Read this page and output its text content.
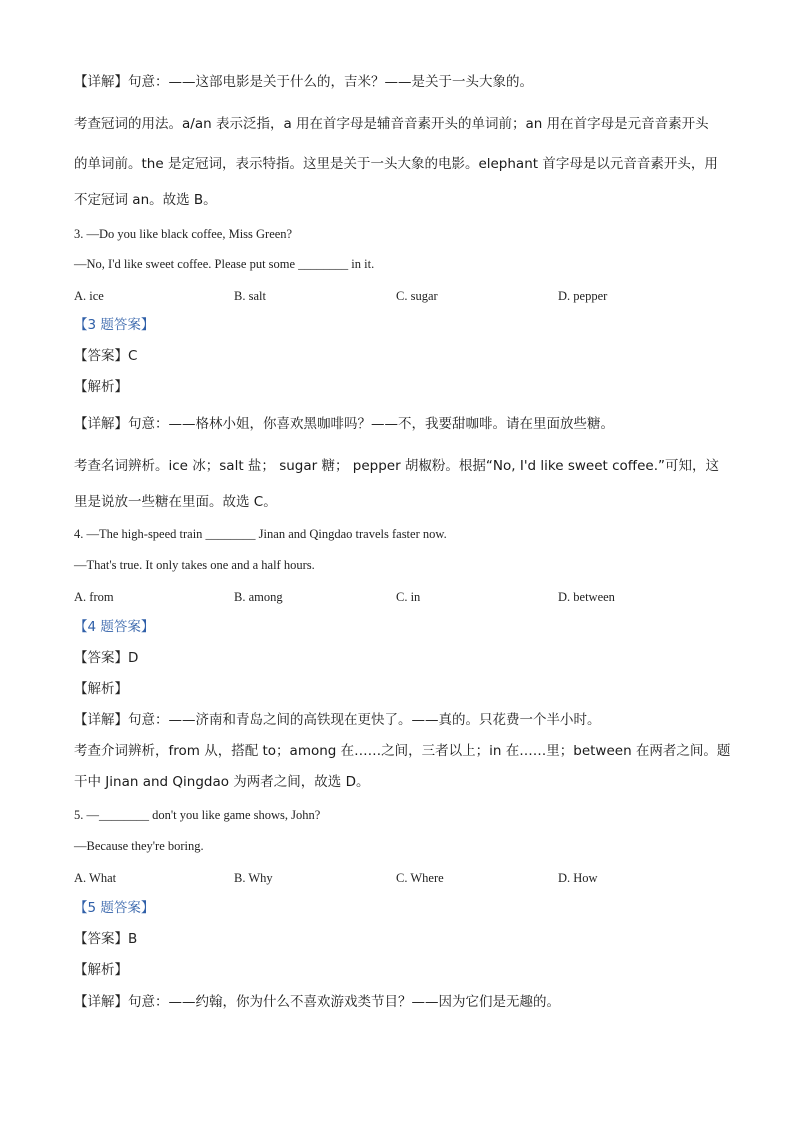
【详解】句意：——这部电影是关于什么的，吉米？——是关于一头大象的。
考查冠词的用法。a/an 表示泛指，a 用在首字母是辅音音素开头的单词前；an 用在首字母是元音音素开头
的单词前。the 是定冠词，表示特指。这里是关于一头大象的电影。elephant 首字母是以元音音素开头，用
不定冠词 an。故选 B。
3. —Do you like black coffee, Miss Green?
—No, I'd like sweet coffee. Please put some ________ in it.
A. ice	B. salt	C. sugar	D. pepper
【3 题答案】
【答案】C
【解析】
【详解】句意：——格林小姐，你喜欢黑咖啡吗？——不，我要甜咖啡。请在里面放些糖。
考查名词辨析。ice 冰；salt 盐； sugar 糖； pepper 胡椒粉。根据“No, I'd like sweet coffee.”可知，这
里是说放一些糖在里面。故选 C。
4. —The high-speed train ________ Jinan and Qingdao travels faster now.
—That's true. It only takes one and a half hours.
A. from	B. among	C. in	D. between
【4 题答案】
【答案】D
【解析】
【详解】句意：——济南和青岛之间的高铁现在更快了。——真的。只花费一个半小时。
考查介词辨析，from 从，搭配 to；among 在……之间，三者以上；in 在……里；between 在两者之间。题
干中 Jinan and Qingdao 为两者之间，故选 D。
5. —________ don't you like game shows, John?
—Because they're boring.
A. What	B. Why	C. Where	D. How
【5 题答案】
【答案】B
【解析】
【详解】句意：——约翰，你为什么不喜欢游戏类节目？——因为它们是无趣的。
